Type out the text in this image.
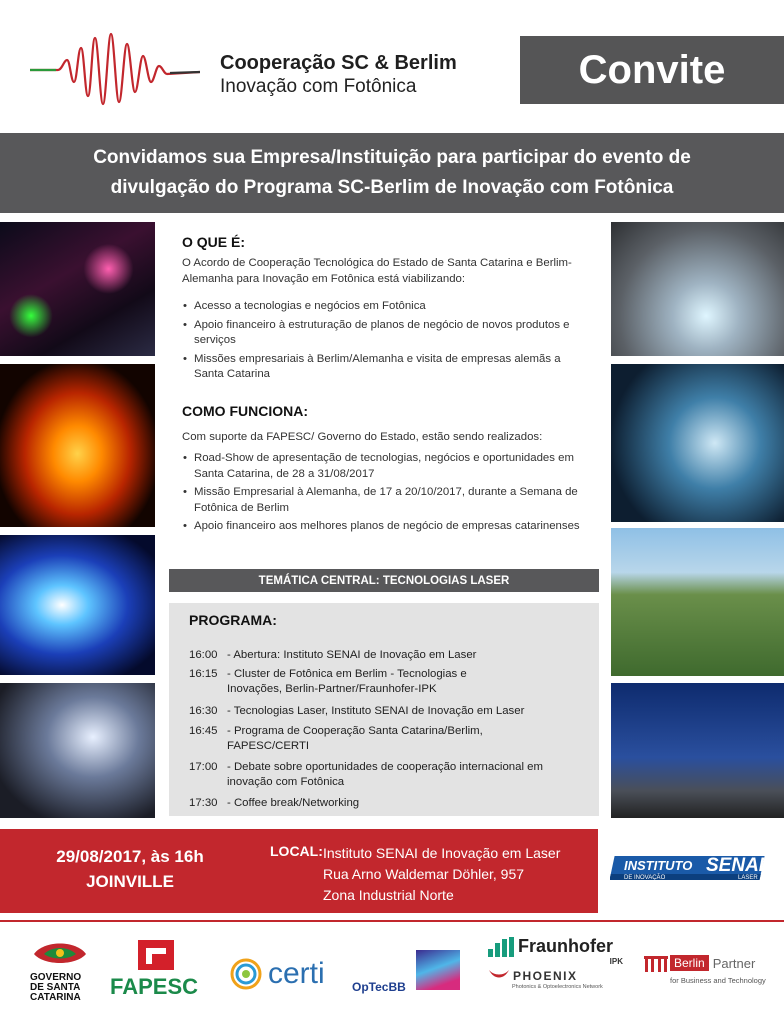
Cooperação SC & Berlim
Inovação com Fotônica	Convite
Convidamos sua Empresa/Instituição para participar do evento de
divulgação do Programa SC-Berlim de Inovação com Fotônica
O QUE É:
O Acordo de Cooperação Tecnológica do Estado de Santa Catarina e Berlim-Alemanha para Inovação em Fotônica está viabilizando:
• Acesso a tecnologias e negócios em Fotônica
• Apoio financeiro à estruturação de planos de negócio de novos produtos e serviços
• Missões empresariais à Berlim/Alemanha e visita de empresas alemãs a Santa Catarina
COMO FUNCIONA:
Com suporte da FAPESC/ Governo do Estado, estão sendo realizados:
• Road-Show de apresentação de tecnologias, negócios e oportunidades em Santa Catarina, de 28 a 31/08/2017
• Missão Empresarial à Alemanha, de 17 a 20/10/2017, durante a Semana de Fotônica de Berlim
• Apoio financeiro aos melhores planos de negócio de empresas catarinenses
TEMÁTICA CENTRAL: TECNOLOGIAS LASER
PROGRAMA:
16:00 - Abertura: Instituto SENAI de Inovação em Laser
16:15 - Cluster de Fotônica em Berlim - Tecnologias e Inovações, Berlin-Partner/Fraunhofer-IPK
16:30 - Tecnologias Laser, Instituto SENAI de Inovação em Laser
16:45 - Programa de Cooperação Santa Catarina/Berlim, FAPESC/CERTI
17:00 - Debate sobre oportunidades de cooperação internacional em inovação com Fotônica
17:30 - Coffee break/Networking
29/08/2017, às 16h
JOINVILLE
LOCAL: Instituto SENAI de Inovação em Laser
Rua Arno Waldemar Döhler, 957
Zona Industrial Norte
INSTITUTO SENAI
DE INOVAÇÃO	LASER
GOVERNO
DE SANTA
CATARINA	FAPESC	certi OpTecBB
Fraunhofer
IPK
PHOENIX
Photonics & Optoelectronics Network
Berlin Partner
for Business and Technology
